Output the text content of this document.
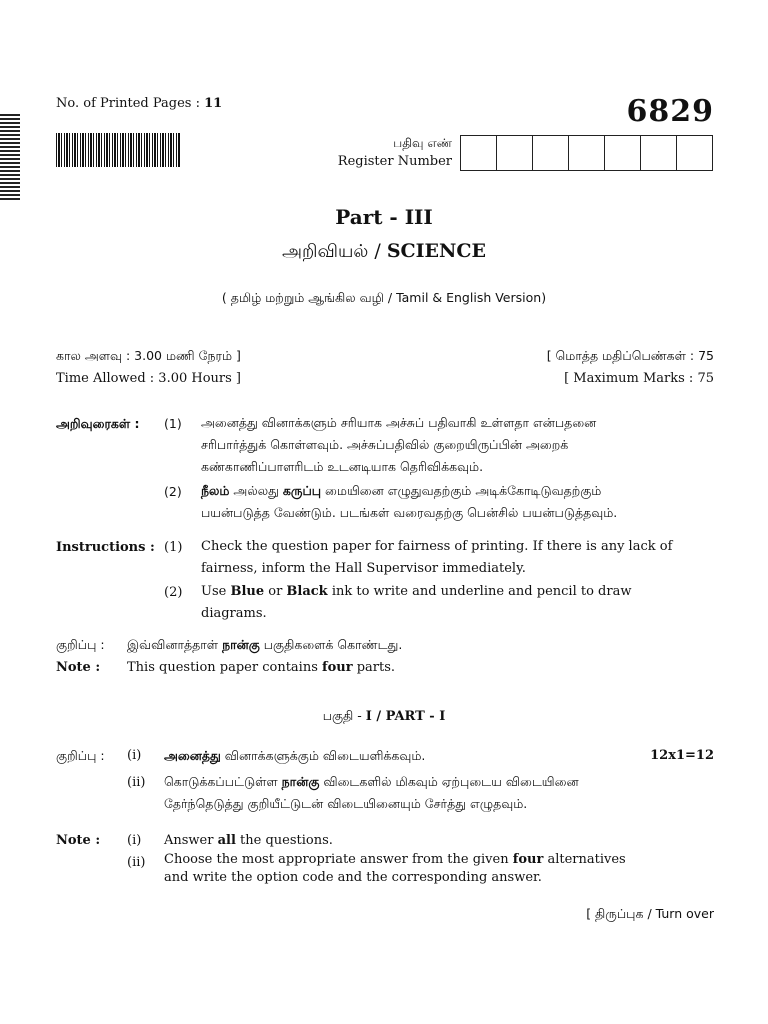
No. of Printed Pages : 11	6829
பதிவு எண்
Register Number
Part - III
அறிவியல் / SCIENCE
( தமிழ் மற்றும் ஆங்கில வழி / Tamil & English Version)
கால அளவு : 3.00 மணி நேரம் ]	[ மொத்த மதிப்பெண்கள் : 75
Time Allowed : 3.00 Hours ]	[ Maximum Marks : 75
அறிவுரைகள் : (1) அனைத்து வினாக்களும் சரியாக அச்சுப் பதிவாகி உள்ளதா என்பதனை
சரிபார்த்துக் கொள்ளவும். அச்சுப்பதிவில் குறையிருப்பின் அறைக்
கண்காணிப்பாளரிடம் உடனடியாக தெரிவிக்கவும்.
(2) நீலம் அல்லது கருப்பு மையினை எழுதுவதற்கும் அடிக்கோடிடுவதற்கும்
பயன்படுத்த வேண்டும். படங்கள் வரைவதற்கு பென்சில் பயன்படுத்தவும்.
Instructions : (1) Check the question paper for fairness of printing. If there is any lack of
fairness, inform the Hall Supervisor immediately.
(2) Use Blue or Black ink to write and underline and pencil to draw
diagrams.
குறிப்பு : இவ்வினாத்தாள் நான்கு பகுதிகளைக் கொண்டது.
Note : This question paper contains four parts.
பகுதி - I / PART - I
குறிப்பு : (i) அனைத்து வினாக்களுக்கும் விடையளிக்கவும்.	12x1=12
(ii) கொடுக்கப்பட்டுள்ள நான்கு விடைகளில் மிகவும் ஏற்புடைய விடையினை
தேர்ந்தெடுத்து குறியீட்டுடன் விடையினையும் சேர்த்து எழுதவும்.
Note : (i) Answer all the questions.
(ii) Choose the most appropriate answer from the given four alternatives
and write the option code and the corresponding answer.
[ திருப்புக / Turn over
